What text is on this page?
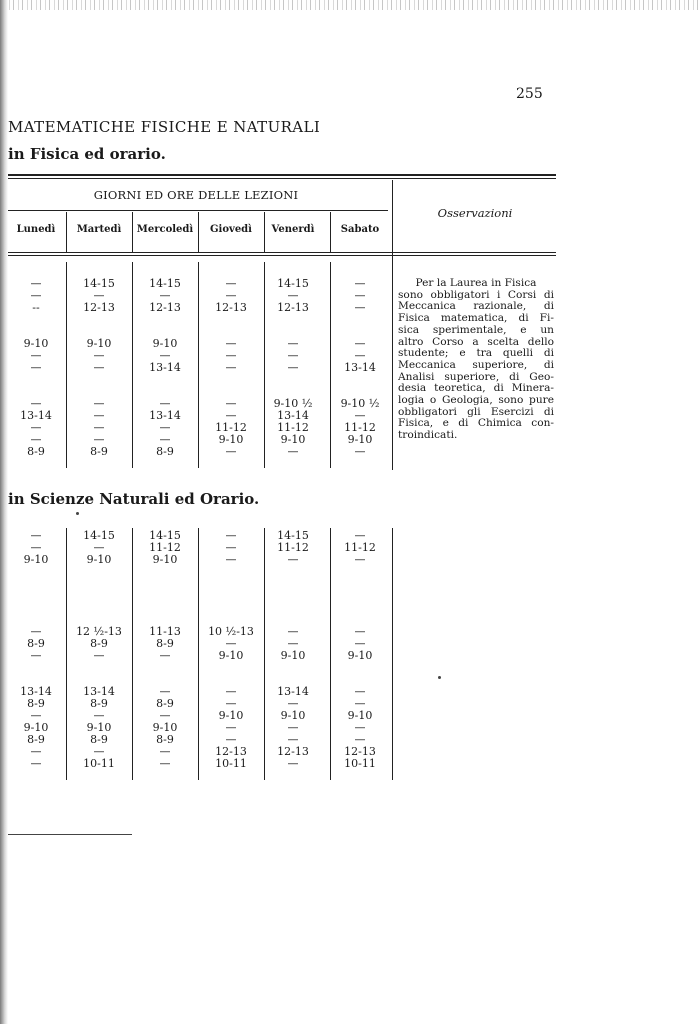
255
MATEMATICHE FISICHE E NATURALI
in Fisica ed orario.
GIORNI ED ORE DELLE LEZIONI
Osservazioni
Lunedì	Martedì	Mercoledì	Giovedì	Venerdì	Sabato
—	14-15	14-15	—	14-15	—
—	—	—	—	—	—
--	12-13	12-13	12-13	12-13	—
9-10	9-10	9-10	—	—	—
—	—	—	—	—	—
—	—	13-14	—	—	13-14
—	—	—	—	9-10 ½	9-10 ½
13-14	—	13-14	—	13-14	—
—	—	—	11-12	11-12	11-12
—	—	—	9-10	9-10	9-10
8-9	8-9	8-9	—	—	—
Per la Laurea in Fisica
sono obbligatori i Corsi di
Meccanica razionale, di
Fisica matematica, di Fi-
sica sperimentale, e un
altro Corso a scelta dello
studente; e tra quelli di
Meccanica superiore, di
Analisi superiore, di Geo-
desia teoretica, di Minera-
logia o Geologia, sono pure
obbligatori gli Esercizi di
Fisica, e di Chimica con-
troindicati.
in Scienze Naturali ed Orario.
—	14-15	14-15	—	14-15	—
—	—	11-12	—	11-12	11-12
9-10	9-10	9-10	—	—	—
—	12 ½-13	11-13	10 ½-13	—	—
8-9	8-9	8-9	—	—	—
—	—	—	9-10	9-10	9-10
13-14	13-14	—	—	13-14	—
8-9	8-9	8-9	—	—	—
—	—	—	9-10	9-10	9-10
9-10	9-10	9-10	—	—	—
8-9	8-9	8-9	—	—	—
—	—	—	12-13	12-13	12-13
—	10-11	—	10-11	—	10-11
